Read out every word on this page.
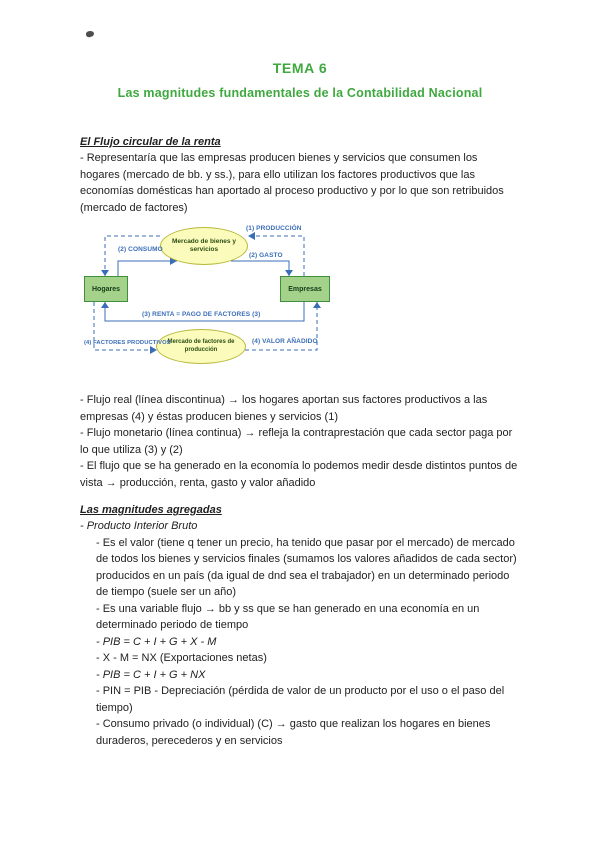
TEMA 6
Las magnitudes fundamentales de la Contabilidad Nacional
El Flujo circular de la renta

- Representaría que las empresas producen bienes y servicios que consumen los hogares (mercado de bb. y ss.), para ello utilizan los factores productivos que las economías domésticas han aportado al proceso productivo y por lo que son retribuidos (mercado de factores)

Mercado de bienes y servicios
Mercado de factores de producción
Hogares	Empresas
(1) PRODUCCIÓN
(2) CONSUMO
(2) GASTO
(3) RENTA = PAGO DE FACTORES (3)
(4) FACTORES PRODUCTIVOS	(4) VALOR AÑADIDO

- Flujo real (línea discontinua) → los hogares aportan sus factores productivos a las empresas (4) y éstas producen bienes y servicios (1)

- Flujo monetario (línea continua) → refleja la contraprestación que cada sector paga por lo que utiliza (3) y (2)

- El flujo que se ha generado en la economía lo podemos medir desde distintos puntos de vista → producción, renta, gasto y valor añadido

Las magnitudes agregadas

- Producto Interior Bruto

- Es el valor (tiene q tener un precio, ha tenido que pasar por el mercado) de mercado de todos los bienes y servicios finales (sumamos los valores añadidos de cada sector) producidos en un país (da igual de dnd sea el trabajador) en un determinado periodo de tiempo (suele ser un año)

- Es una variable flujo → bb y ss que se han generado en una economía en un determinado periodo de tiempo

- PIB = C + I + G + X - M

- X - M = NX (Exportaciones netas)

- PIB = C + I + G + NX

- PIN = PIB - Depreciación (pérdida de valor de un producto por el uso o el paso del tiempo)

- Consumo privado (o individual) (C) → gasto que realizan los hogares en bienes duraderos, perecederos y en servicios
